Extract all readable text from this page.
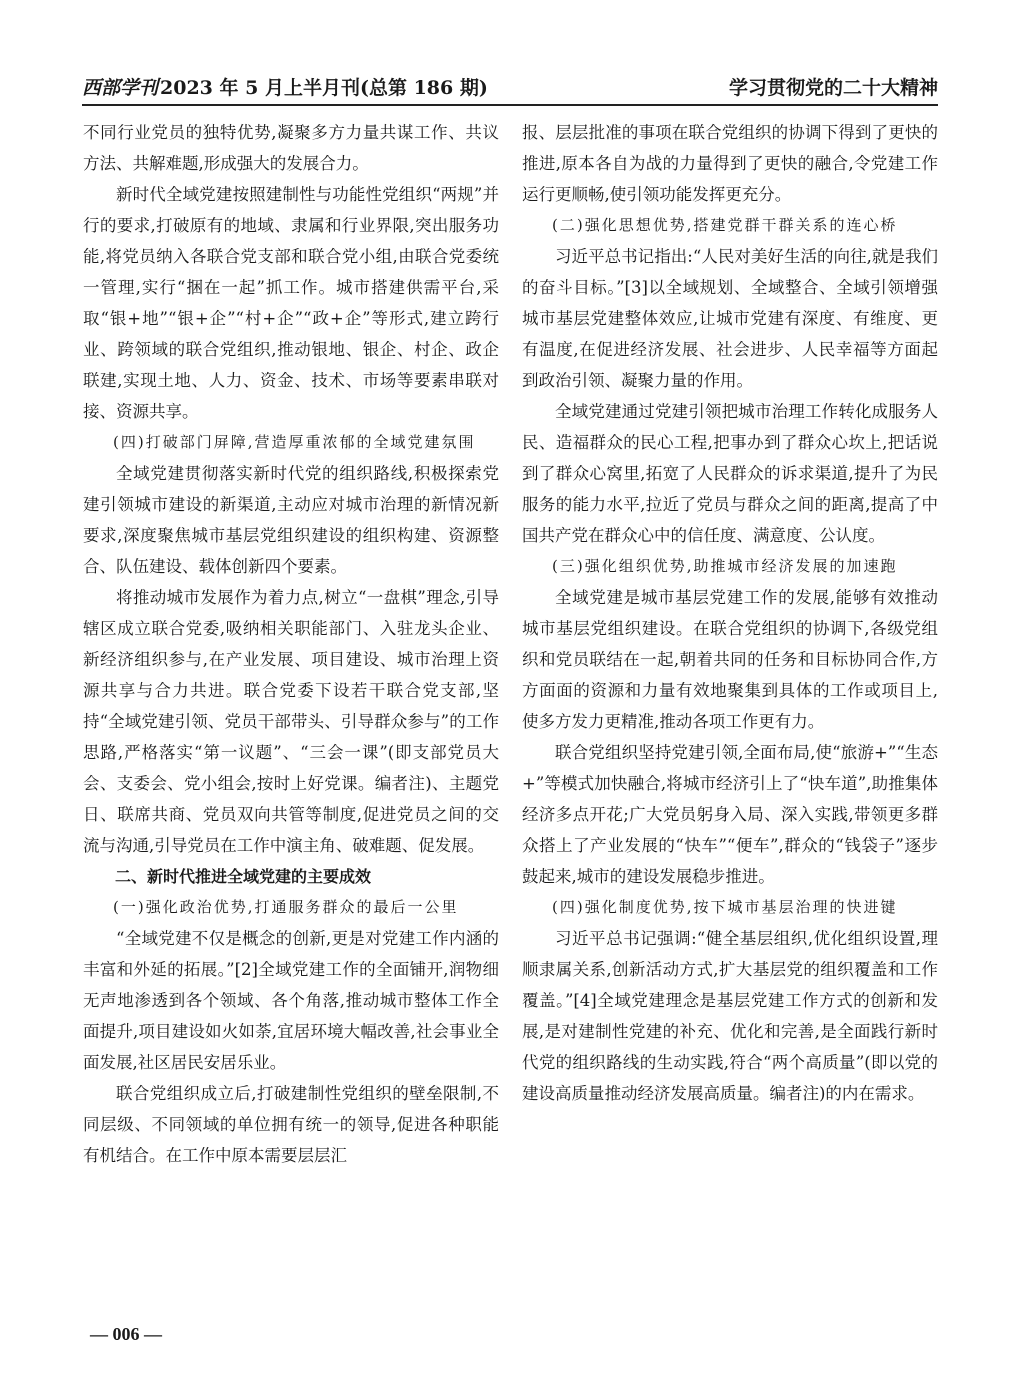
西部学刊 2023 年 5 月上半月刊(总第 186 期)	学习贯彻党的二十大精神

不同行业党员的独特优势,凝聚多方力量共谋工作、共议方法、共解难题,形成强大的发展合力。

新时代全域党建按照建制性与功能性党组织“两规”并行的要求,打破原有的地域、隶属和行业界限,突出服务功能,将党员纳入各联合党支部和联合党小组,由联合党委统一管理,实行“捆在一起”抓工作。城市搭建供需平台,采取“银+地”“银+企”“村+企”“政+企”等形式,建立跨行业、跨领域的联合党组织,推动银地、银企、村企、政企联建,实现土地、人力、资金、技术、市场等要素串联对接、资源共享。

(四)打破部门屏障,营造厚重浓郁的全域党建氛围

全域党建贯彻落实新时代党的组织路线,积极探索党建引领城市建设的新渠道,主动应对城市治理的新情况新要求,深度聚焦城市基层党组织建设的组织构建、资源整合、队伍建设、载体创新四个要素。

将推动城市发展作为着力点,树立“一盘棋”理念,引导辖区成立联合党委,吸纳相关职能部门、入驻龙头企业、新经济组织参与,在产业发展、项目建设、城市治理上资源共享与合力共进。联合党委下设若干联合党支部,坚持“全域党建引领、党员干部带头、引导群众参与”的工作思路,严格落实“第一议题”、“三会一课”(即支部党员大会、支委会、党小组会,按时上好党课。编者注)、主题党日、联席共商、党员双向共管等制度,促进党员之间的交流与沟通,引导党员在工作中演主角、破难题、促发展。

二、新时代推进全域党建的主要成效

(一)强化政治优势,打通服务群众的最后一公里

“全域党建不仅是概念的创新,更是对党建工作内涵的丰富和外延的拓展。”[2]全域党建工作的全面铺开,润物细无声地渗透到各个领域、各个角落,推动城市整体工作全面提升,项目建设如火如荼,宜居环境大幅改善,社会事业全面发展,社区居民安居乐业。

联合党组织成立后,打破建制性党组织的壁垒限制,不同层级、不同领域的单位拥有统一的领导,促进各种职能有机结合。在工作中原本需要层层汇

报、层层批准的事项在联合党组织的协调下得到了更快的推进,原本各自为战的力量得到了更快的融合,令党建工作运行更顺畅,使引领功能发挥更充分。

(二)强化思想优势,搭建党群干群关系的连心桥

习近平总书记指出:“人民对美好生活的向往,就是我们的奋斗目标。”[3]以全域规划、全域整合、全域引领增强城市基层党建整体效应,让城市党建有深度、有维度、更有温度,在促进经济发展、社会进步、人民幸福等方面起到政治引领、凝聚力量的作用。

全域党建通过党建引领把城市治理工作转化成服务人民、造福群众的民心工程,把事办到了群众心坎上,把话说到了群众心窝里,拓宽了人民群众的诉求渠道,提升了为民服务的能力水平,拉近了党员与群众之间的距离,提高了中国共产党在群众心中的信任度、满意度、公认度。

(三)强化组织优势,助推城市经济发展的加速跑

全域党建是城市基层党建工作的发展,能够有效推动城市基层党组织建设。在联合党组织的协调下,各级党组织和党员联结在一起,朝着共同的任务和目标协同合作,方方面面的资源和力量有效地聚集到具体的工作或项目上,使多方发力更精准,推动各项工作更有力。

联合党组织坚持党建引领,全面布局,使“旅游+”“生态+”等模式加快融合,将城市经济引上了“快车道”,助推集体经济多点开花;广大党员躬身入局、深入实践,带领更多群众搭上了产业发展的“快车”“便车”,群众的“钱袋子”逐步鼓起来,城市的建设发展稳步推进。

(四)强化制度优势,按下城市基层治理的快进键

习近平总书记强调:“健全基层组织,优化组织设置,理顺隶属关系,创新活动方式,扩大基层党的组织覆盖和工作覆盖。”[4]全域党建理念是基层党建工作方式的创新和发展,是对建制性党建的补充、优化和完善,是全面践行新时代党的组织路线的生动实践,符合“两个高质量”(即以党的建设高质量推动经济发展高质量。编者注)的内在需求。

— 006 —
